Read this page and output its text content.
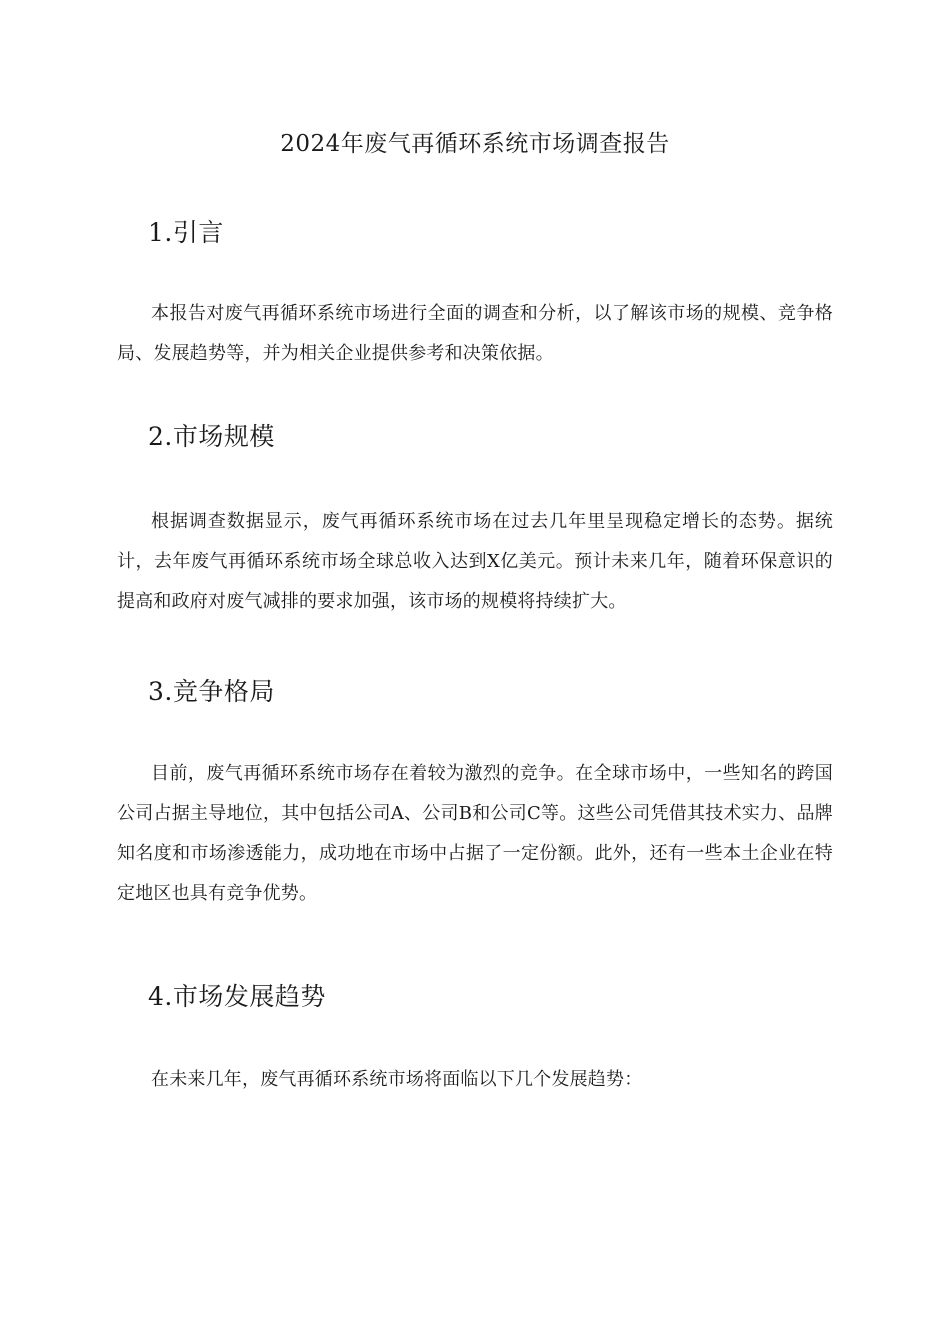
2024年废气再循环系统市场调查报告
1.引言
本报告对废气再循环系统市场进行全面的调查和分析，以了解该市场的规模、竞争格局、发展趋势等，并为相关企业提供参考和决策依据。
2.市场规模
根据调查数据显示，废气再循环系统市场在过去几年里呈现稳定增长的态势。据统计，去年废气再循环系统市场全球总收入达到X亿美元。预计未来几年，随着环保意识的提高和政府对废气减排的要求加强，该市场的规模将持续扩大。
3.竞争格局
目前，废气再循环系统市场存在着较为激烈的竞争。在全球市场中，一些知名的跨国公司占据主导地位，其中包括公司A、公司B和公司C等。这些公司凭借其技术实力、品牌知名度和市场渗透能力，成功地在市场中占据了一定份额。此外，还有一些本土企业在特定地区也具有竞争优势。
4.市场发展趋势
在未来几年，废气再循环系统市场将面临以下几个发展趋势：
